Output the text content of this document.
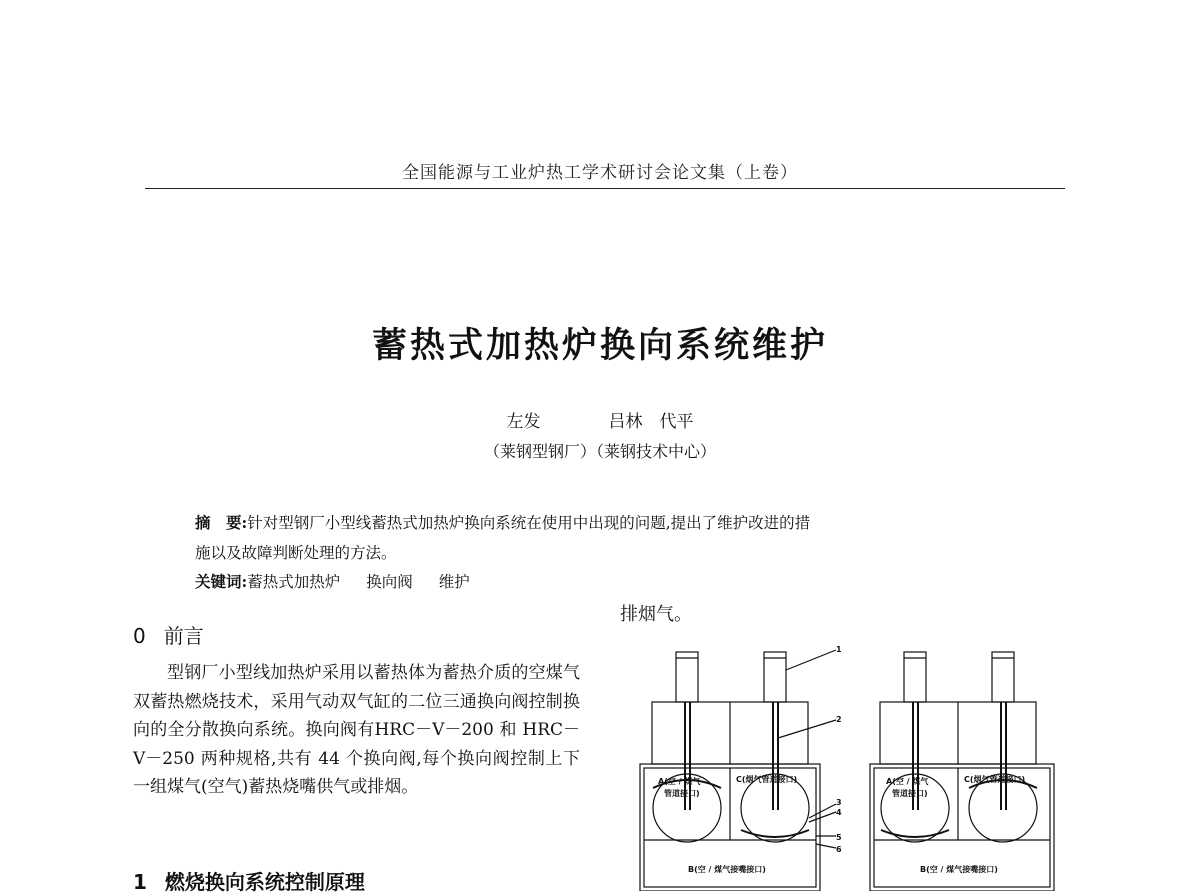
全国能源与工业炉热工学术研讨会论文集（上卷）
蓄热式加热炉换向系统维护
左发　　　　吕林　代平
（莱钢型钢厂）（莱钢技术中心）
摘　要:针对型钢厂小型线蓄热式加热炉换向系统在使用中出现的问题,提出了维护改进的措
施以及故障判断处理的方法。
关键词:蓄热式加热炉 换向阀 维护
0 前言
型钢厂小型线加热炉采用以蓄热体为蓄热介质的空煤气双蓄热燃烧技术，采用气动双气缸的二位三通换向阀控制换向的全分散换向系统。换向阀有HRC－V－200 和 HRC－V－250 两种规格,共有 44 个换向阀,每个换向阀控制上下一组煤气(空气)蓄热烧嘴供气或排烟。
1 燃烧换向系统控制原理
排烟气。
1
2
3
4
5
6
A(空 / 煤气
管道接口)
C(烟气管道接口)
B(空 / 煤气接嘴接口)
A(空 / 煤气
管道接口)
C(烟气管道接口)
B(空 / 煤气接嘴接口)
